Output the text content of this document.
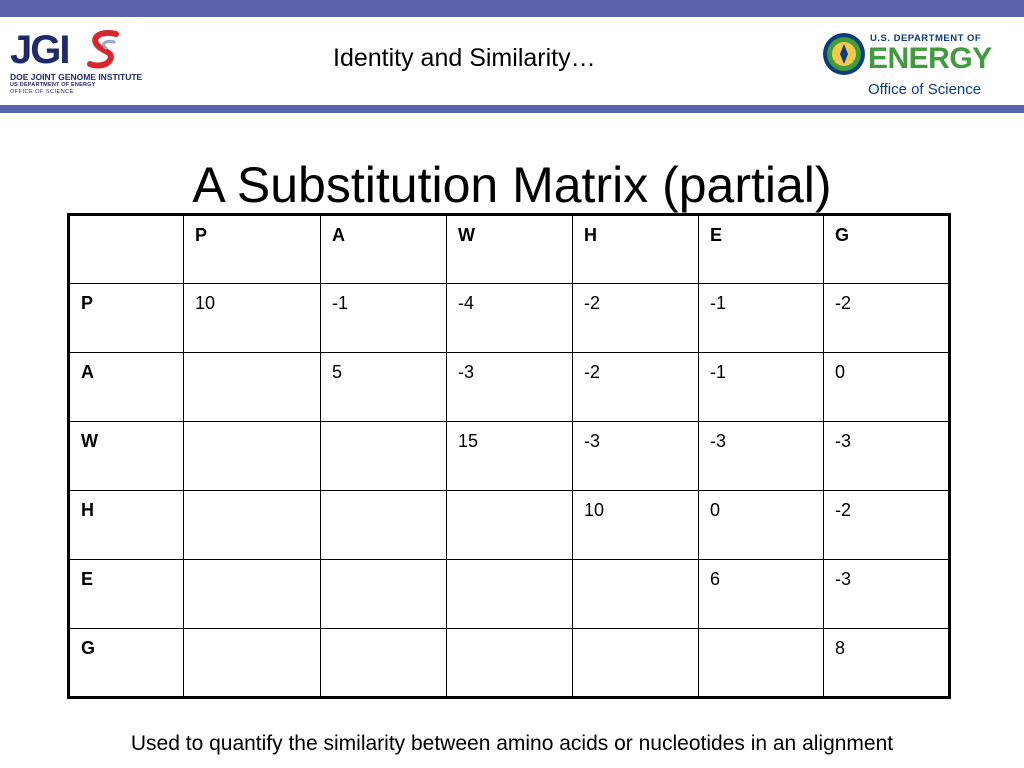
JGI
DOE JOINT GENOME INSTITUTE
US DEPARTMENT OF ENERGY
OFFICE OF SCIENCE
Identity and Similarity…
U.S. DEPARTMENT OF
ENERGY
Office of Science
A Substitution Matrix (partial)
	P	A	W	H	E	G
P	10	-1	-4	-2	-1	-2
A		5	-3	-2	-1	0
W			15	-3	-3	-3
H				10	0	-2
E					6	-3
G						8
Used to quantify the similarity between amino acids or nucleotides in an alignment
